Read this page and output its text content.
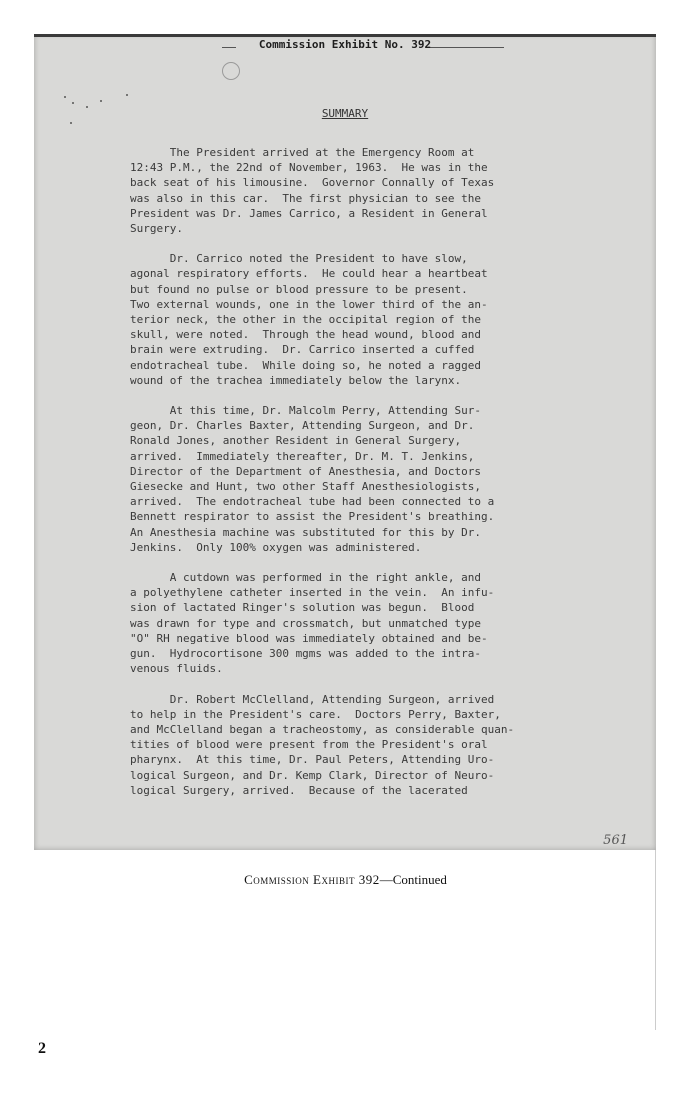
Commission Exhibit No. 392
SUMMARY

The President arrived at the Emergency Room at
12:43 P.M., the 22nd of November, 1963.  He was in the
back seat of his limousine.  Governor Connally of Texas
was also in this car.  The first physician to see the
President was Dr. James Carrico, a Resident in General
Surgery.

Dr. Carrico noted the President to have slow,
agonal respiratory efforts.  He could hear a heartbeat
but found no pulse or blood pressure to be present.
Two external wounds, one in the lower third of the an-
terior neck, the other in the occipital region of the
skull, were noted.  Through the head wound, blood and
brain were extruding.  Dr. Carrico inserted a cuffed
endotracheal tube.  While doing so, he noted a ragged
wound of the trachea immediately below the larynx.

At this time, Dr. Malcolm Perry, Attending Sur-
geon, Dr. Charles Baxter, Attending Surgeon, and Dr.
Ronald Jones, another Resident in General Surgery,
arrived.  Immediately thereafter, Dr. M. T. Jenkins,
Director of the Department of Anesthesia, and Doctors
Giesecke and Hunt, two other Staff Anesthesiologists,
arrived.  The endotracheal tube had been connected to a
Bennett respirator to assist the President's breathing.
An Anesthesia machine was substituted for this by Dr.
Jenkins.  Only 100% oxygen was administered.

A cutdown was performed in the right ankle, and
a polyethylene catheter inserted in the vein.  An infu-
sion of lactated Ringer's solution was begun.  Blood
was drawn for type and crossmatch, but unmatched type
"O" RH negative blood was immediately obtained and be-
gun.  Hydrocortisone 300 mgms was added to the intra-
venous fluids.

Dr. Robert McClelland, Attending Surgeon, arrived
to help in the President's care.  Doctors Perry, Baxter,
and McClelland began a tracheostomy, as considerable quan-
tities of blood were present from the President's oral
pharynx.  At this time, Dr. Paul Peters, Attending Uro-
logical Surgeon, and Dr. Kemp Clark, Director of Neuro-
logical Surgery, arrived.  Because of the lacerated

561
Commission Exhibit 392—Continued
2
